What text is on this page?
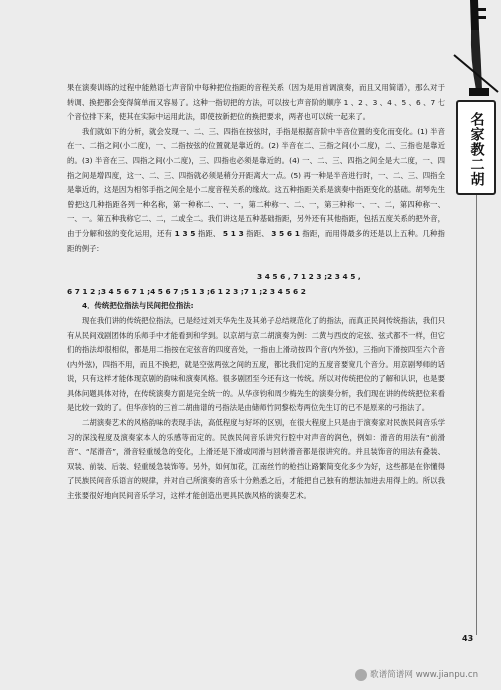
名家教二胡

果在演奏训练的过程中能熟语七声音阶中每种把位指距的音程关系（因为是用首调演奏，而且又用简谱），那么对于转调、换把都会变得简单而又容易了。这种一指切把的方法，可以按七声音阶的顺序 1 、2 、3 、4 、5 、6 、7 七个音位排下来，使其在实际中运用此法，即使按新把位的换把要求，两者也可以统一起来了。

我们就如下的分析，就会发现一、二、三、四指在按弦时，手指是根据音阶中半音位置的变化而变化。(1) 半音在一、二指之间(小二度)，一、二指按弦的位置就是靠近的。(2) 半音在二、三指之间(小二度)，二、三指也是靠近的。(3) 半音在三、四指之间(小二度)，三、四指也必须是靠近的。(4) 一、二、三、四指之间全是大二度，一、四指之间是增四度，这一、二、三、四指就必须是稍分开距离大一点。(5) 再一种是半音进行时，一、二、三、四指全是靠近的，这是因为相邻手指之间全是小二度音程关系的缘故。这五种指距关系是演奏中指距变化的基础。胡琴先生曾把这几种指距各列一种名称，第一种称二、一、一，第二种称一、二、一，第三种称一、一、二，第四种称一、一、一。第五种我称它二、二，二或全二。我们讲这是五种基础指距，另外还有其他指距，包括五度关系的把外音，由于分解和弦的变化运用，还有 1 3 5 指距、 5 1 3 指距、 3 5 6 1 指距，而用得最多的还是以上五种。几种指距的例子:

3 4 5 6 , 7 1 2 3 ;2 3 4 5 ,

6 7 1 2 ;3 4 5 6 7 1 ;4 5 6 7 ;5 1 3 ;6 1 2 3 ;7 1 ;2 3 4 5 6 2

4．传统把位指法与民间把位指法:

现在我们讲的传统把位指法，已是经过刘天华先生及其弟子总结规范化了的指法，而真正民间传统指法，我们只有从民间戏剧团体的乐师手中才能看到和学到。以京胡与京二胡演奏为例：二黄与西皮的定弦、弦式都不一样，但它们的指法却很相似，都是用二指按在定弦音的四度音处，一指由上滑动按四个音(内外弦)，三指向下滑按四至六个音(内外弦)，四指不用，而且不换把，就是空弦两弦之间的五度，都比我们定的五度音要宽几个音分。用京剧琴师的话说，只有这样才能体现京剧的韵味和演奏风格。很多剧团至今还有这一传统。所以对传统把位的了解和认识，也是要具体问题具体对待，在传统演奏方面是完全统一的。从华彦钧和周少梅先生的演奏分析，我们现在讲的传统把位来看是比较一致的了。但华彦钧的三首二胡曲谱的弓指法是由储师竹同黎松寿两位先生订的已不是原来的弓指法了。

二胡演奏艺术的风格韵味的表现手法，高低程度与好坏的区别，在很大程度上只是由于演奏家对民族民间音乐学习的深浅程度及演奏家本人的乐感等而定的。民族民间音乐讲究行腔中对声音的润色，例如：滑音的用法有“前滑音”、“尾滑音”，滑音轻重缓急的变化，上滑还是下滑或同滑与回转滑音都是很讲究的。并且装饰音的用法有叠装、双装、前装、后装、轻重缓急装饰等。另外，如何加花，江南丝竹的枪挡让路繁简变化多少为好，这些都是在你懂得了民族民间音乐语言的规律，并对自己所演奏的音乐十分熟悉之后，才能把自己独有的想法加进去用得上的。所以我主张要很好地向民间音乐学习，这样才能创造出更具民族风格的演奏艺术。

43
歌谱简谱网 www.jianpu.cn
